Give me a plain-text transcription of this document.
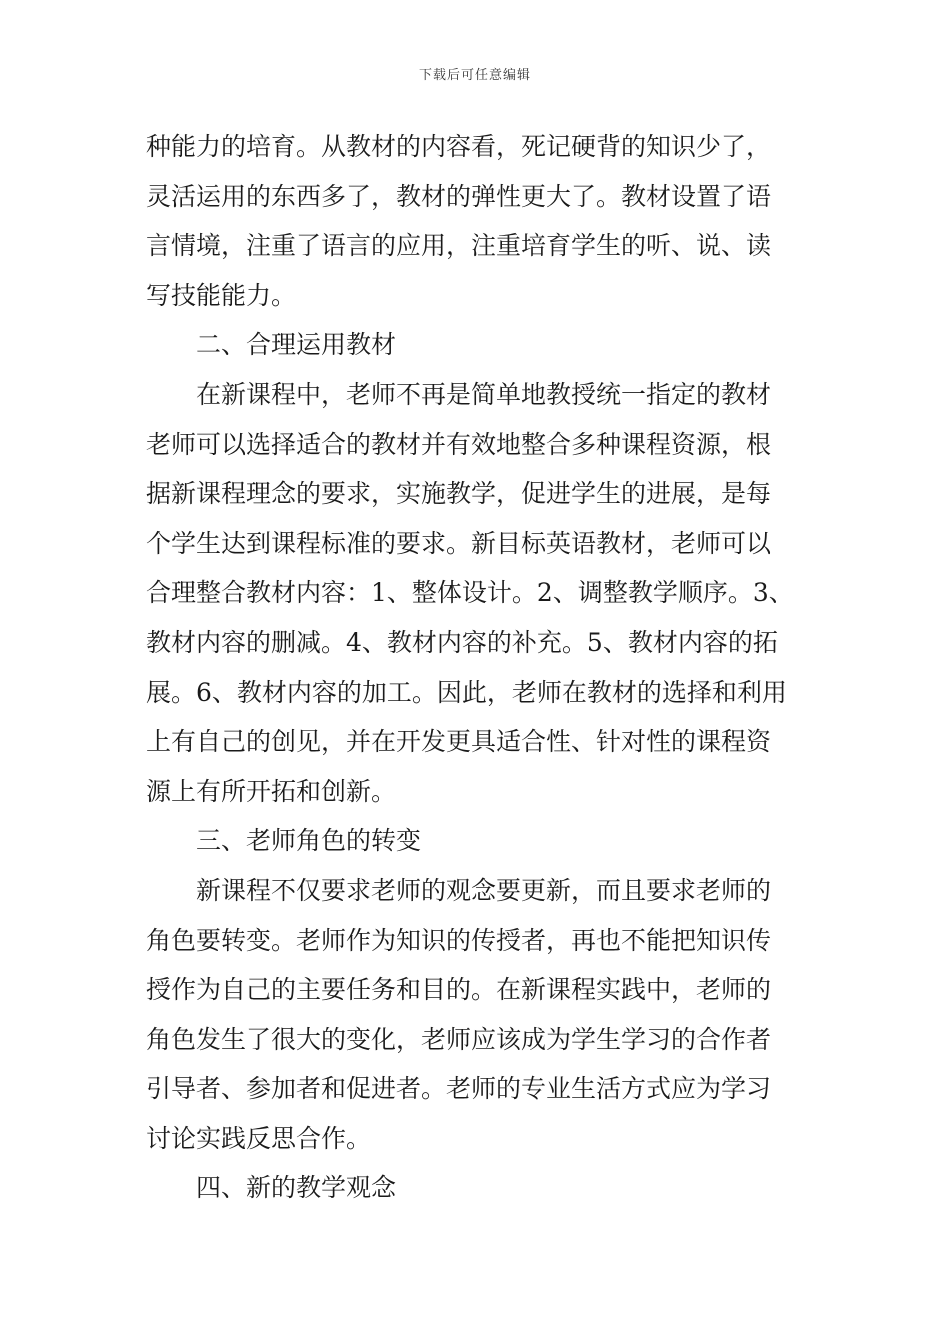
下载后可任意编辑
种能力的培育。从教材的内容看，死记硬背的知识少了，
灵活运用的东西多了，教材的弹性更大了。教材设置了语
言情境，注重了语言的应用，注重培育学生的听、说、读
写技能能力。
二、合理运用教材
在新课程中，老师不再是简单地教授统一指定的教材
老师可以选择适合的教材并有效地整合多种课程资源，根
据新课程理念的要求，实施教学，促进学生的进展，是每
个学生达到课程标准的要求。新目标英语教材，老师可以
合理整合教材内容：1、整体设计。2、调整教学顺序。3、
教材内容的删减。4、教材内容的补充。5、教材内容的拓
展。6、教材内容的加工。因此，老师在教材的选择和利用
上有自己的创见，并在开发更具适合性、针对性的课程资
源上有所开拓和创新。
三、老师角色的转变
新课程不仅要求老师的观念要更新，而且要求老师的
角色要转变。老师作为知识的传授者，再也不能把知识传
授作为自己的主要任务和目的。在新课程实践中，老师的
角色发生了很大的变化，老师应该成为学生学习的合作者
引导者、参加者和促进者。老师的专业生活方式应为学习
讨论实践反思合作。
四、新的教学观念
